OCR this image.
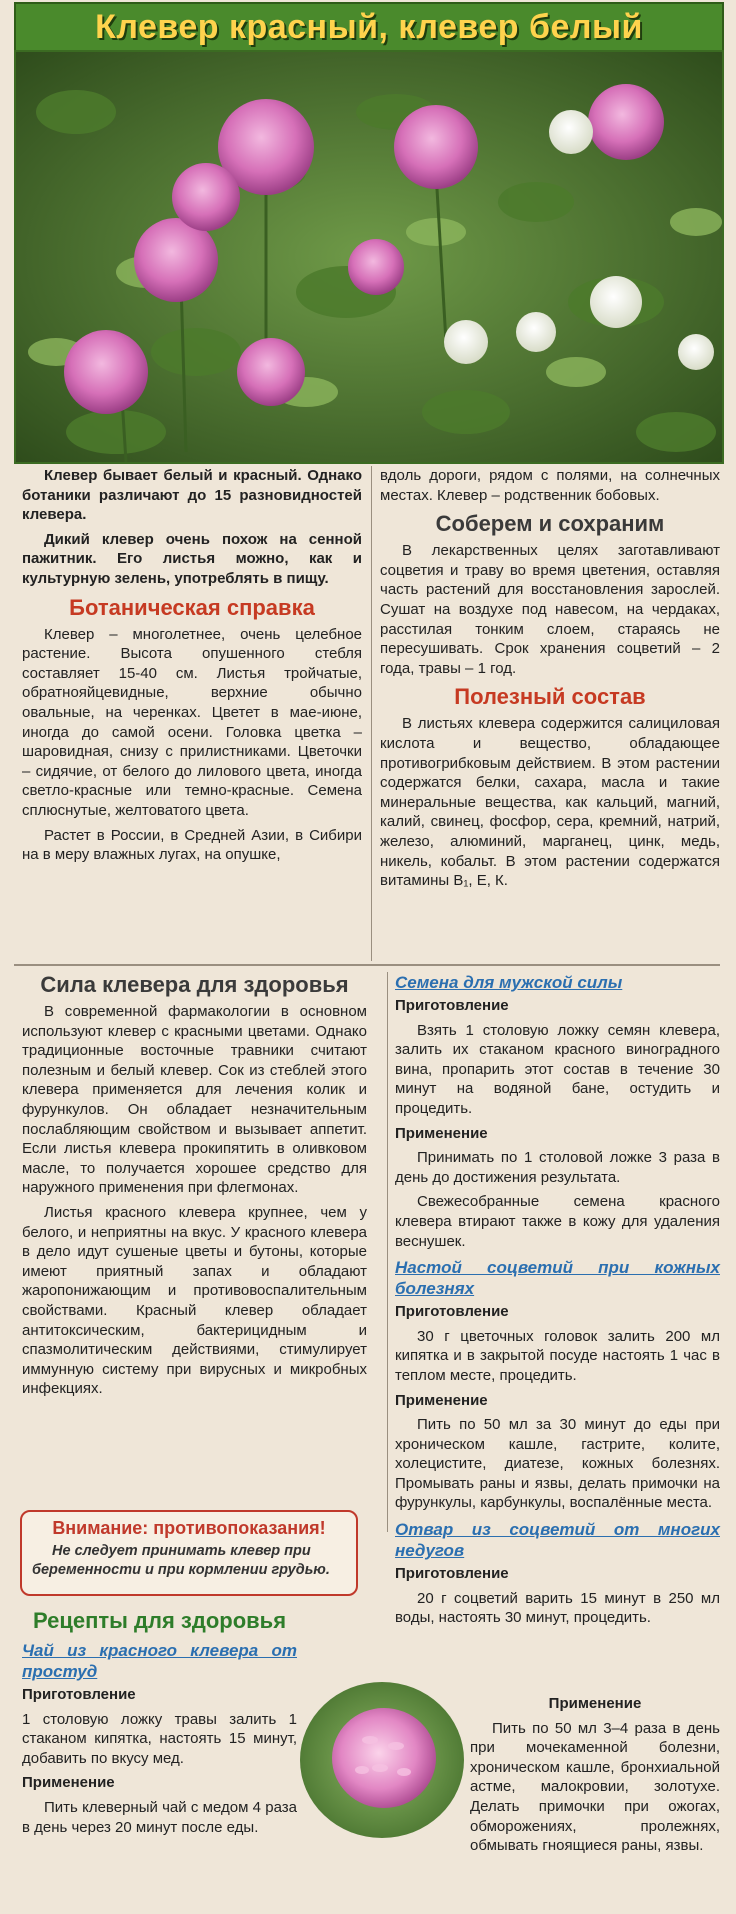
Клевер красный, клевер белый

Клевер бывает белый и красный. Однако ботаники различают до 15 разновидностей клевера.

Дикий клевер очень похож на сенной пажитник. Его листья можно, как и культурную зелень, употреблять в пищу.

Ботаническая справка

Клевер – многолетнее, очень целебное растение. Высота опушенного стебля составляет 15-40 см. Листья тройчатые, обратнояйцевидные, верхние обычно овальные, на черенках. Цветет в мае-июне, иногда до самой осени. Головка цветка – шаровидная, снизу с прилистниками. Цветочки – сидячие, от белого до лилового цвета, иногда светло-красные или темно-красные. Семена сплюснутые, желтоватого цвета.

Растет в России, в Средней Азии, в Сибири на в меру влажных лугах, на опушке,

вдоль дороги, рядом с полями, на солнечных местах. Клевер – родственник бобовых.

Соберем и сохраним

В лекарственных целях заготавливают соцветия и траву во время цветения, оставляя часть растений для восстановления зарослей. Сушат на воздухе под навесом, на чердаках, расстилая тонким слоем, стараясь не пересушивать. Срок хранения соцветий – 2 года, травы – 1 год.

Полезный состав

В листьях клевера содержится салициловая кислота и вещество, обладающее противогрибковым действием. В этом растении содержатся белки, сахара, масла и такие минеральные вещества, как кальций, магний, калий, свинец, фосфор, сера, кремний, натрий, железо, алюминий, марганец, цинк, медь, никель, кобальт. В этом растении содержатся витамины В₁, Е, К.

Сила клевера для здоровья

В современной фармакологии в основном используют клевер с красными цветами. Однако традиционные восточные травники считают полезным и белый клевер. Сок из стеблей этого клевера применяется для лечения колик и фурункулов. Он обладает незначительным послабляющим свойством и вызывает аппетит. Если листья клевера прокипятить в оливковом масле, то получается хорошее средство для наружного применения при флегмонах.

Листья красного клевера крупнее, чем у белого, и неприятны на вкус. У красного клевера в дело идут сушеные цветы и бутоны, которые имеют приятный запах и обладают жаропонижающим и противовоспалительным свойствами. Красный клевер обладает антитоксическим, бактерицидным и спазмолитическим действиями, стимулирует иммунную систему при вирусных и микробных инфекциях.

Внимание: противопоказания!
Не следует принимать клевер при беременности и при кормлении грудью.
Рецепты для здоровья
Чай из красного клевера от простуд

Приготовление

1 столовую ложку травы залить 1 стаканом кипятка, настоять 15 минут, добавить по вкусу мед.

Применение

Пить клеверный чай с медом 4 раза в день через 20 минут после еды.

Семена для мужской силы

Приготовление

Взять 1 столовую ложку семян клевера, залить их стаканом красного виноградного вина, пропарить этот состав в течение 30 минут на водяной бане, остудить и процедить.

Применение

Принимать по 1 столовой ложке 3 раза в день до достижения результата.

Свежесобранные семена красного клевера втирают также в кожу для удаления веснушек.

Настой соцветий при кожных болезнях

Приготовление

30 г цветочных головок залить 200 мл кипятка и в закрытой посуде настоять 1 час в теплом месте, процедить.

Применение

Пить по 50 мл за 30 минут до еды при хроническом кашле, гастрите, колите, холецистите, диатезе, кожных болезнях. Промывать раны и язвы, делать примочки на фурункулы, карбункулы, воспалённые места.

Отвар из соцветий от многих недугов

Приготовление

20 г соцветий варить 15 минут в 250 мл воды, настоять 30 минут, процедить.

Применение

Пить по 50 мл 3–4 раза в день при мочекаменной болезни, хроническом кашле, бронхиальной астме, малокровии, золотухе. Делать примочки при ожогах, обморожениях, пролежнях, обмывать гноящиеся раны, язвы.
